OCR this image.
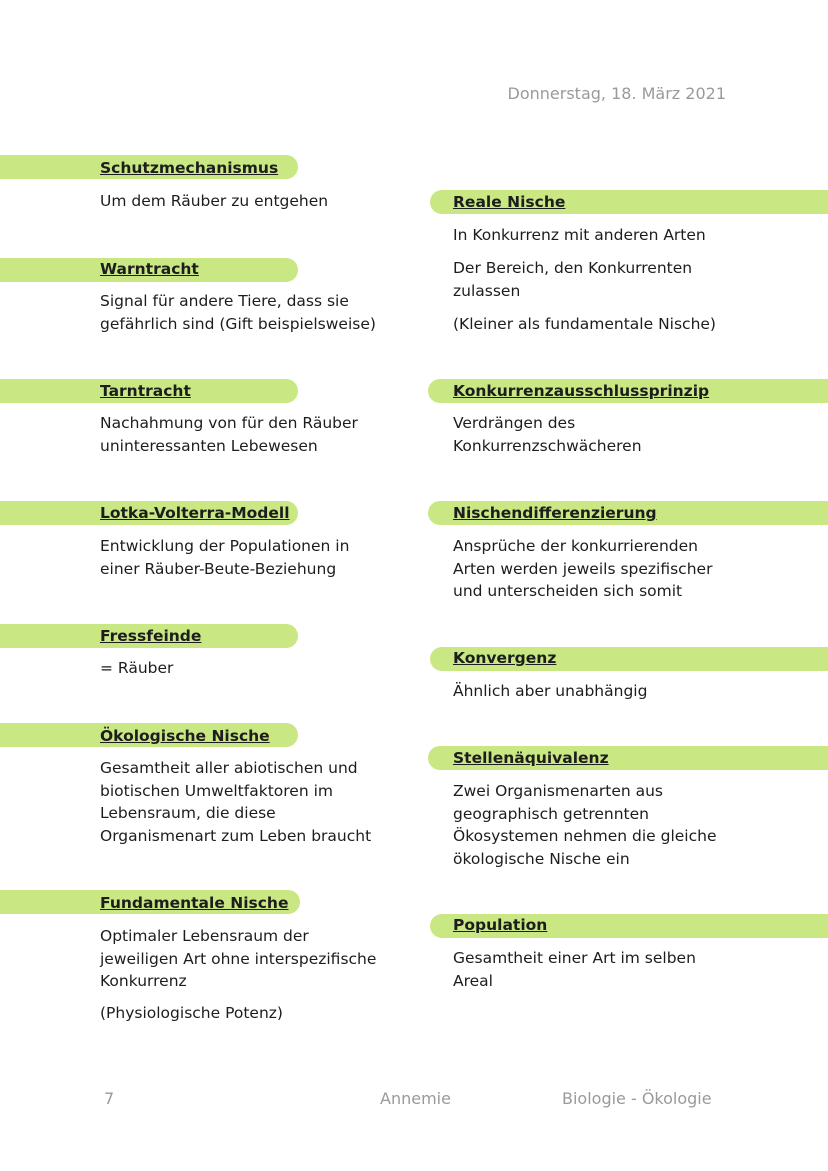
Donnerstag, 18. März 2021
Schutzmechanismus
Um dem Räuber zu entgehen
Warntracht
Signal für andere Tiere, dass sie
gefährlich sind (Gift beispielsweise)
Tarntracht
Nachahmung von für den Räuber
uninteressanten Lebewesen
Lotka-Volterra-Modell
Entwicklung der Populationen in
einer Räuber-Beute-Beziehung
Fressfeinde
= Räuber
Ökologische Nische
Gesamtheit aller abiotischen und
biotischen Umweltfaktoren im
Lebensraum, die diese
Organismenart zum Leben braucht
Fundamentale Nische
Optimaler Lebensraum der
jeweiligen Art ohne interspezifische
Konkurrenz
(Physiologische Potenz)
Reale Nische
In Konkurrenz mit anderen Arten
Der Bereich, den Konkurrenten
zulassen
(Kleiner als fundamentale Nische)
Konkurrenzausschlussprinzip
Verdrängen des
Konkurrenzschwächeren
Nischendifferenzierung
Ansprüche der konkurrierenden
Arten werden jeweils spezifischer
und unterscheiden sich somit
Konvergenz
Ähnlich aber unabhängig
Stellenäquivalenz
Zwei Organismenarten aus
geographisch getrennten
Ökosystemen nehmen die gleiche
ökologische Nische ein
Population
Gesamtheit einer Art im selben
Areal
7	Annemie	Biologie - Ökologie
